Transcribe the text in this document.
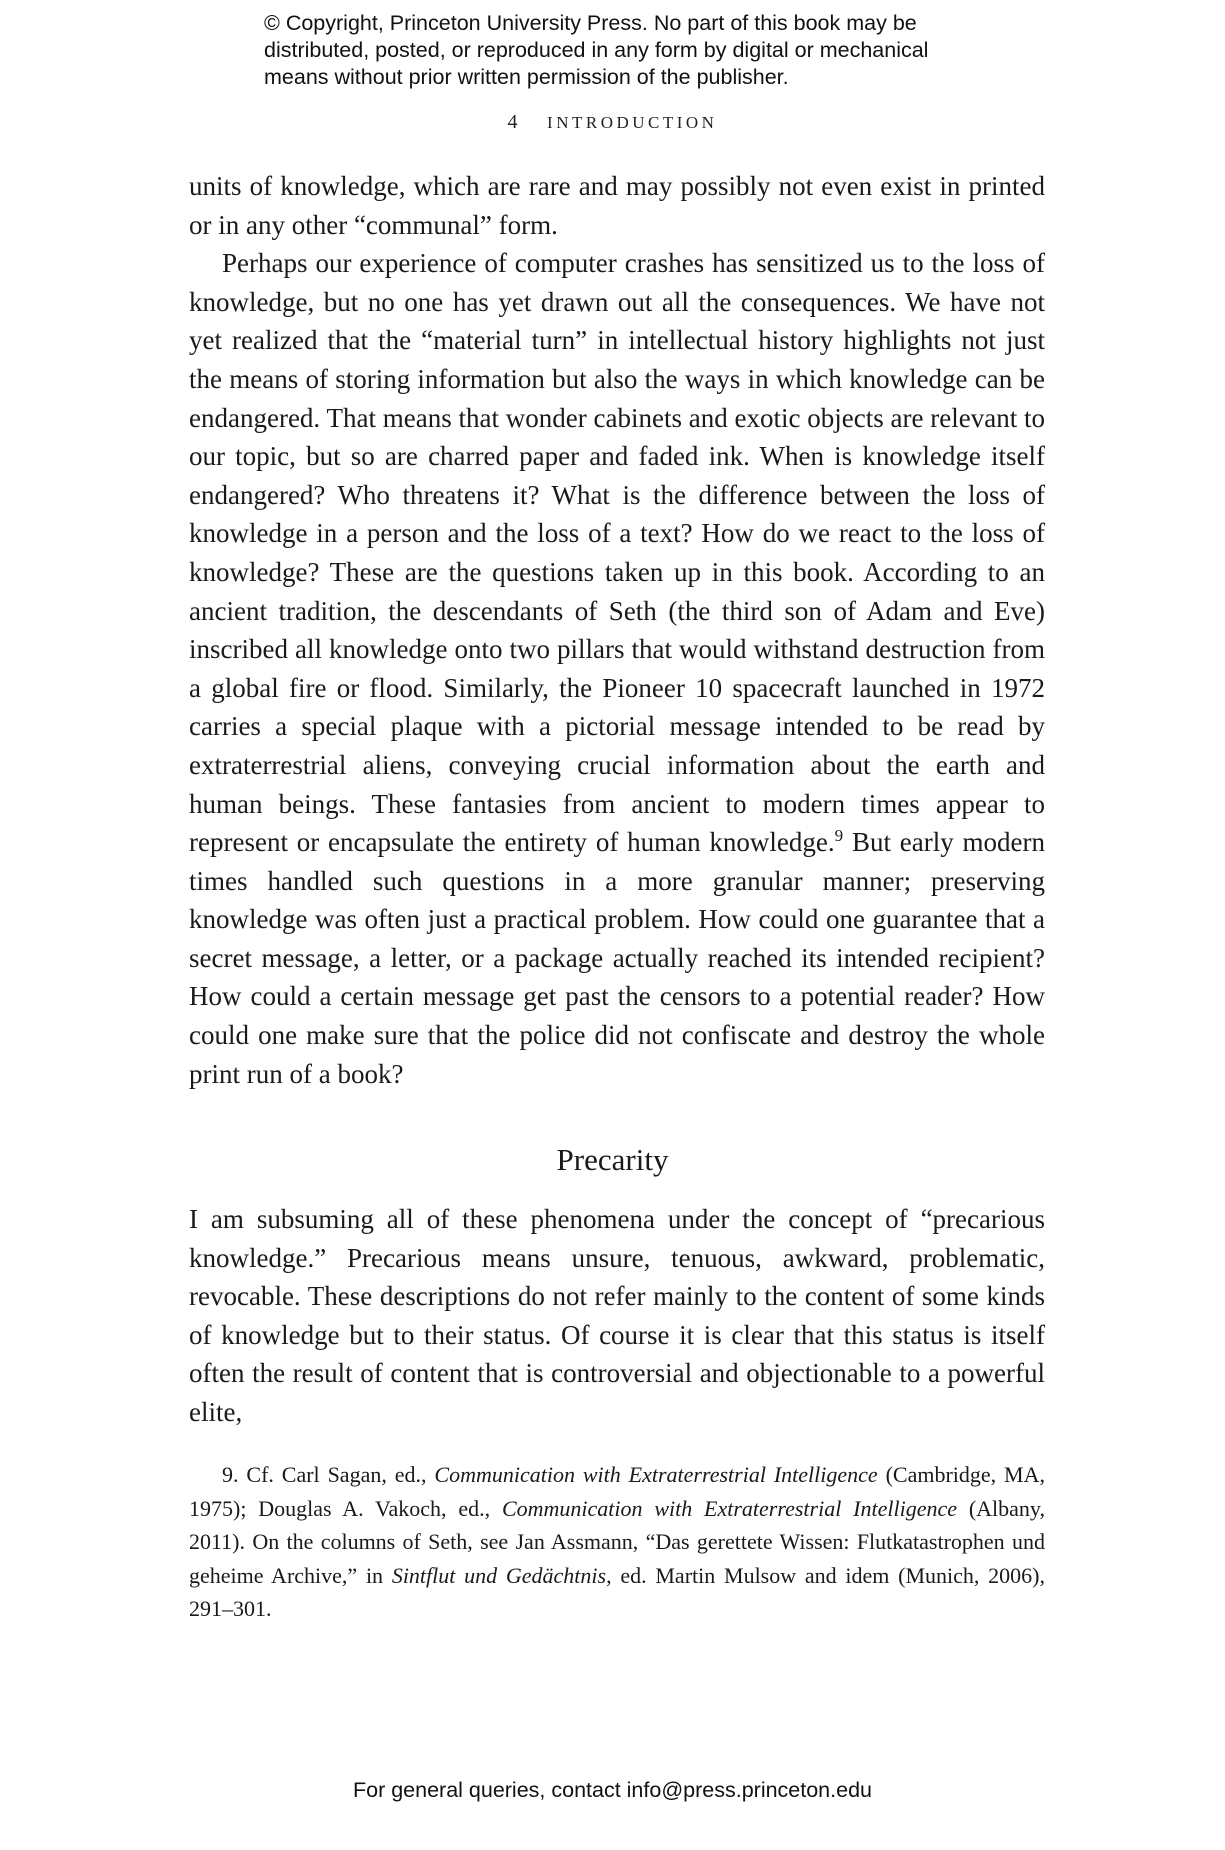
© Copyright, Princeton University Press. No part of this book may be

distributed, posted, or reproduced in any form by digital or mechanical

means without prior written permission of the publisher.

4 INTRODUCTION

units of knowledge, which are rare and may possibly not even exist in printed or in any other “communal” form.

Perhaps our experience of computer crashes has sensitized us to the loss of knowledge, but no one has yet drawn out all the consequences. We have not yet realized that the “material turn” in intellectual history highlights not just the means of storing information but also the ways in which knowledge can be endangered. That means that wonder cabinets and exotic objects are relevant to our topic, but so are charred paper and faded ink. When is knowledge itself endangered? Who threatens it? What is the difference between the loss of knowledge in a person and the loss of a text? How do we react to the loss of knowledge? These are the questions taken up in this book. According to an ancient tradition, the descendants of Seth (the third son of Adam and Eve) inscribed all knowledge onto two pillars that would withstand destruction from a global fire or flood. Similarly, the Pioneer 10 spacecraft launched in 1972 carries a special plaque with a pictorial message intended to be read by extraterrestrial aliens, conveying crucial information about the earth and human beings. These fantasies from ancient to modern times appear to represent or encapsulate the entirety of human knowledge.$^9$ But early modern times handled such questions in a more granular manner; preserving knowledge was often just a practical problem. How could one guarantee that a secret message, a letter, or a package actually reached its intended recipient? How could a certain message get past the censors to a potential reader? How could one make sure that the police did not confiscate and destroy the whole print run of a book?

Precarity

I am subsuming all of these phenomena under the concept of “precarious knowledge.” Precarious means unsure, tenuous, awkward, problematic, revocable. These descriptions do not refer mainly to the content of some kinds of knowledge but to their status. Of course it is clear that this status is itself often the result of content that is controversial and objectionable to a powerful elite,

9. Cf. Carl Sagan, ed., Communication with Extraterrestrial Intelligence (Cambridge, MA, 1975); Douglas A. Vakoch, ed., Communication with Extraterrestrial Intelligence (Albany, 2011). On the columns of Seth, see Jan Assmann, “Das gerettete Wissen: Flutkatastrophen und geheime Archive,” in Sintflut und Gedächtnis, ed. Martin Mulsow and idem (Munich, 2006), 291–301.

For general queries, contact info@press.princeton.edu
